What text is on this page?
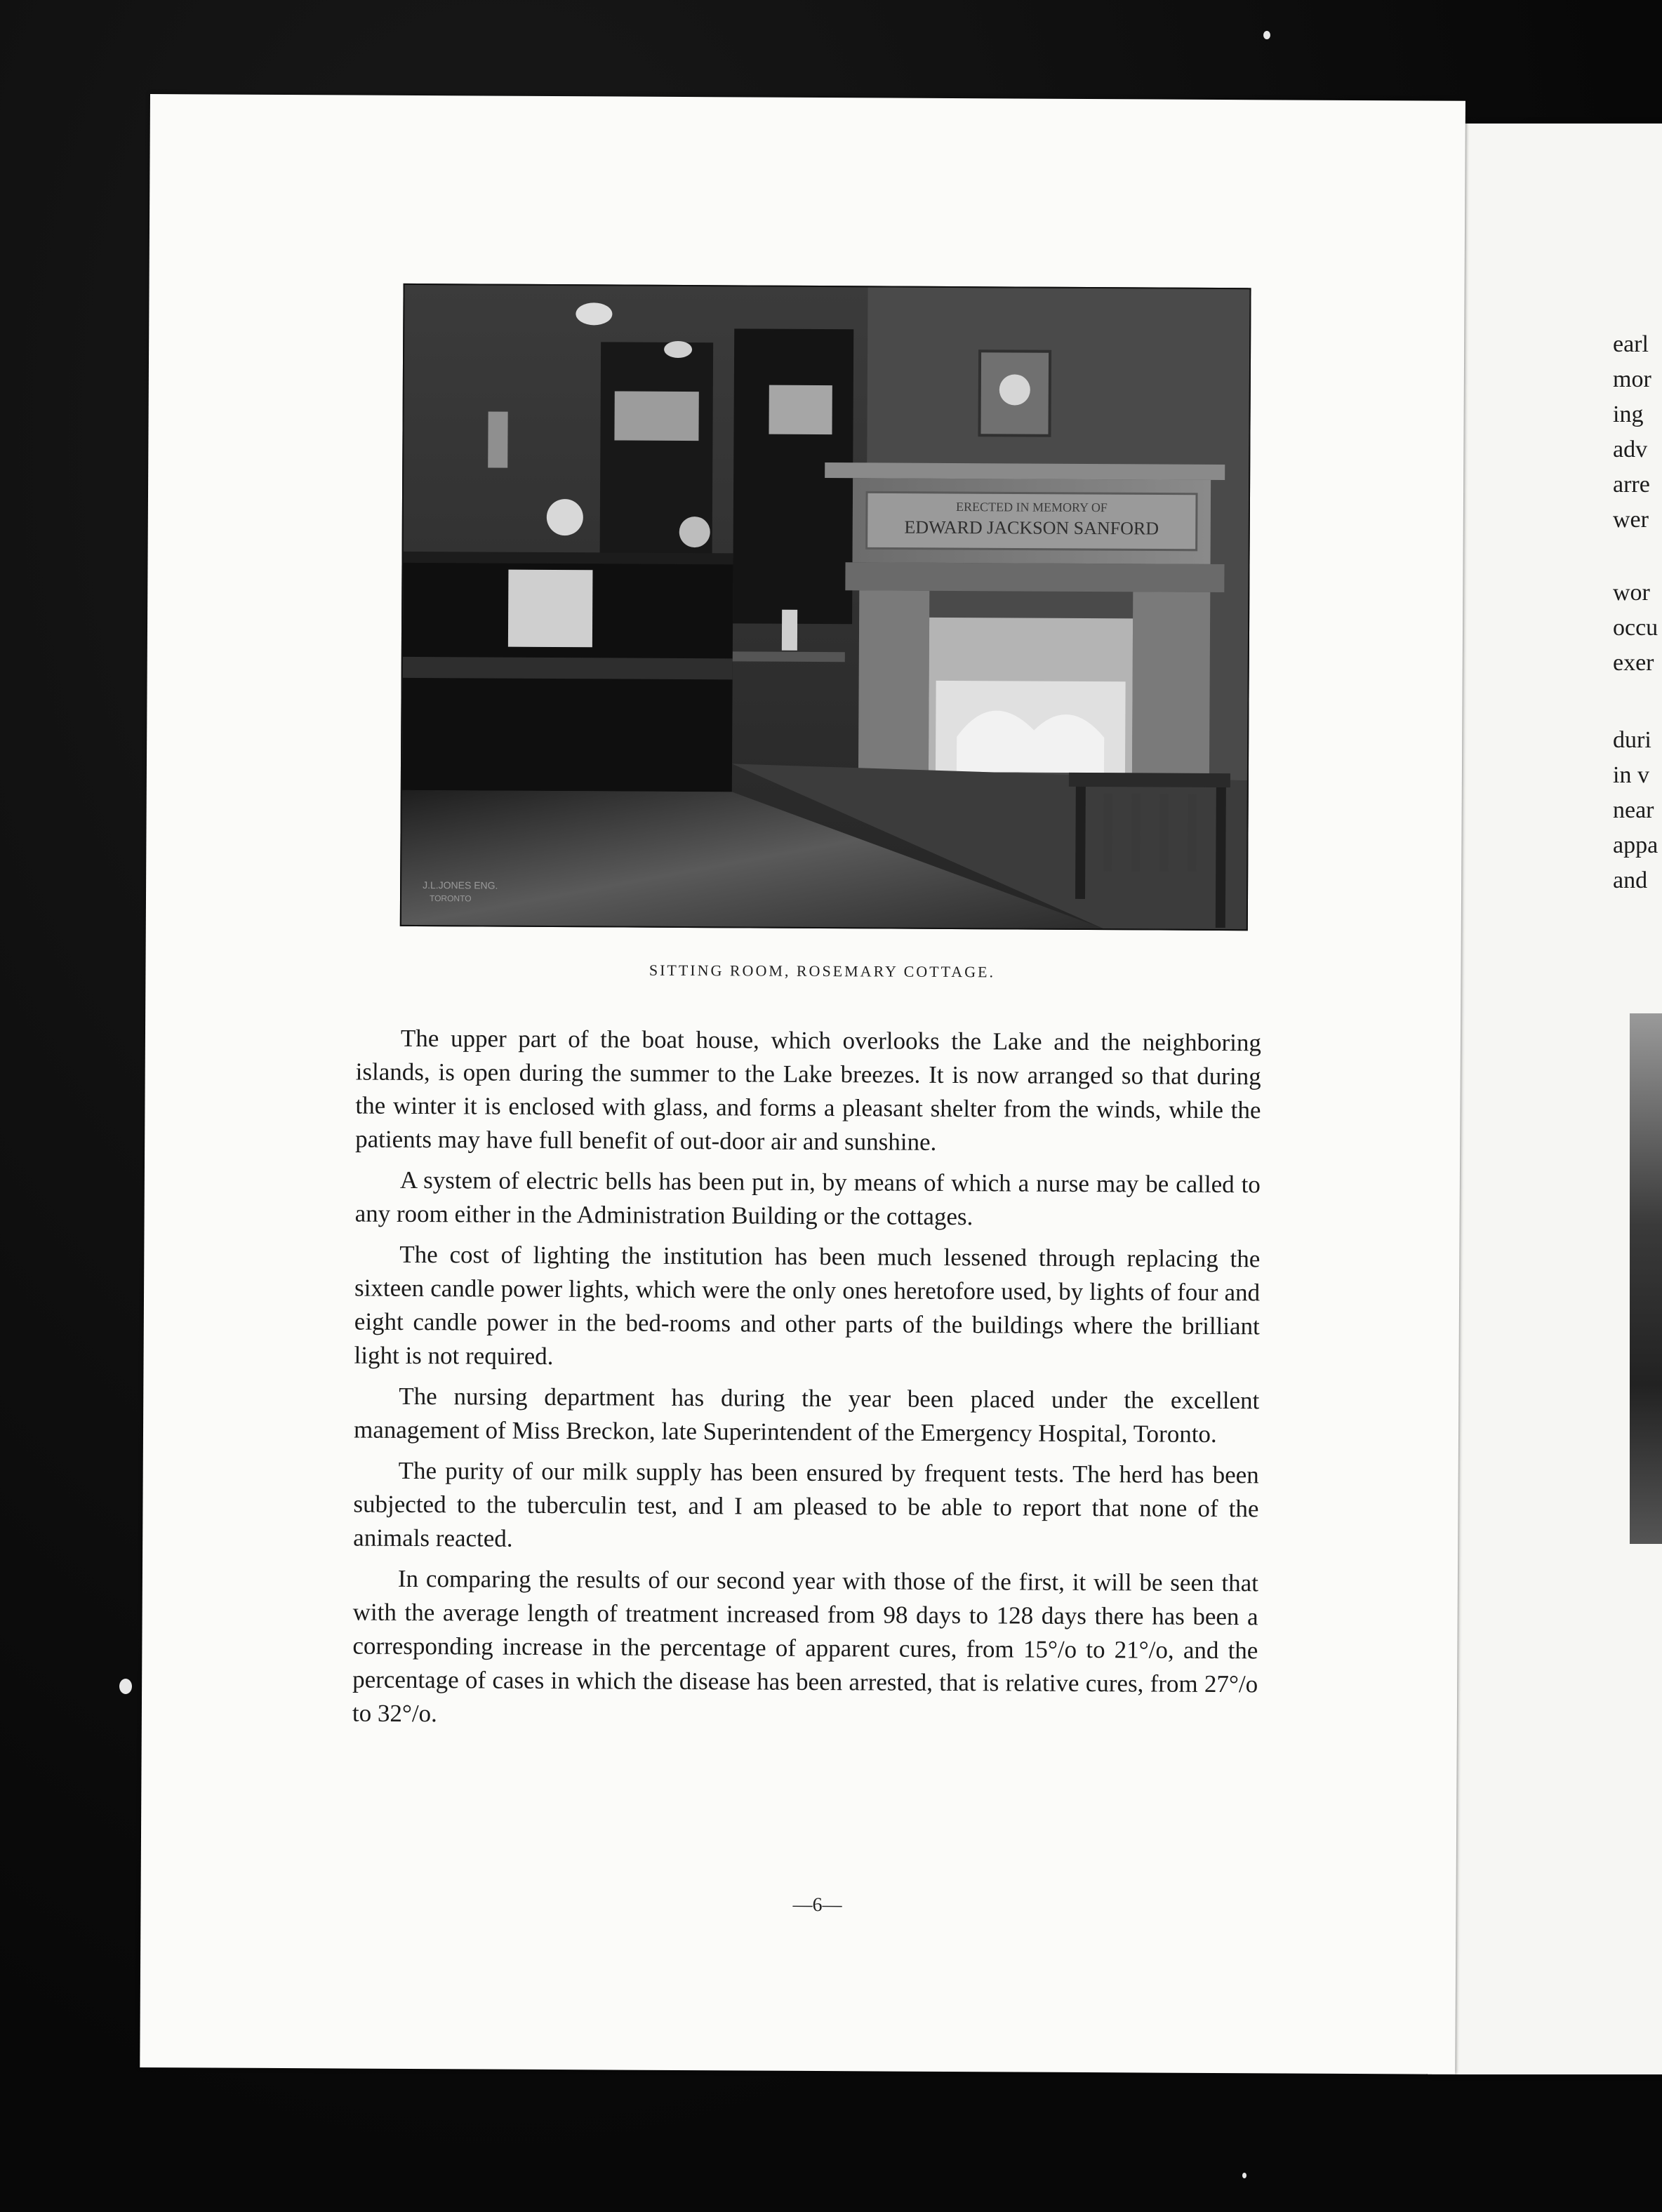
earl
mor
ing
adv
arre
wer
wor
occu
exer
duri
in v
near
appa
and
ERECTED IN MEMORY OF
EDWARD JACKSON SANFORD
J.L.JONES ENG.
TORONTO
SITTING ROOM, ROSEMARY COTTAGE.

The upper part of the boat house, which overlooks the Lake and the neighboring islands, is open during the summer to the Lake breezes. It is now arranged so that during the winter it is enclosed with glass, and forms a pleasant shelter from the winds, while the patients may have full benefit of out-door air and sunshine.

A system of electric bells has been put in, by means of which a nurse may be called to any room either in the Administration Building or the cottages.

The cost of lighting the institution has been much lessened through replacing the sixteen candle power lights, which were the only ones heretofore used, by lights of four and eight candle power in the bed-rooms and other parts of the buildings where the brilliant light is not required.

The nursing department has during the year been placed under the excellent management of Miss Breckon, late Superintendent of the Emergency Hospital, Toronto.

The purity of our milk supply has been ensured by frequent tests. The herd has been subjected to the tuberculin test, and I am pleased to be able to report that none of the animals reacted.

In comparing the results of our second year with those of the first, it will be seen that with the average length of treatment increased from 98 days to 128 days there has been a corresponding increase in the percentage of apparent cures, from 15°/o to 21°/o, and the percentage of cases in which the disease has been arrested, that is relative cures, from 27°/o to 32°/o.

—6—
